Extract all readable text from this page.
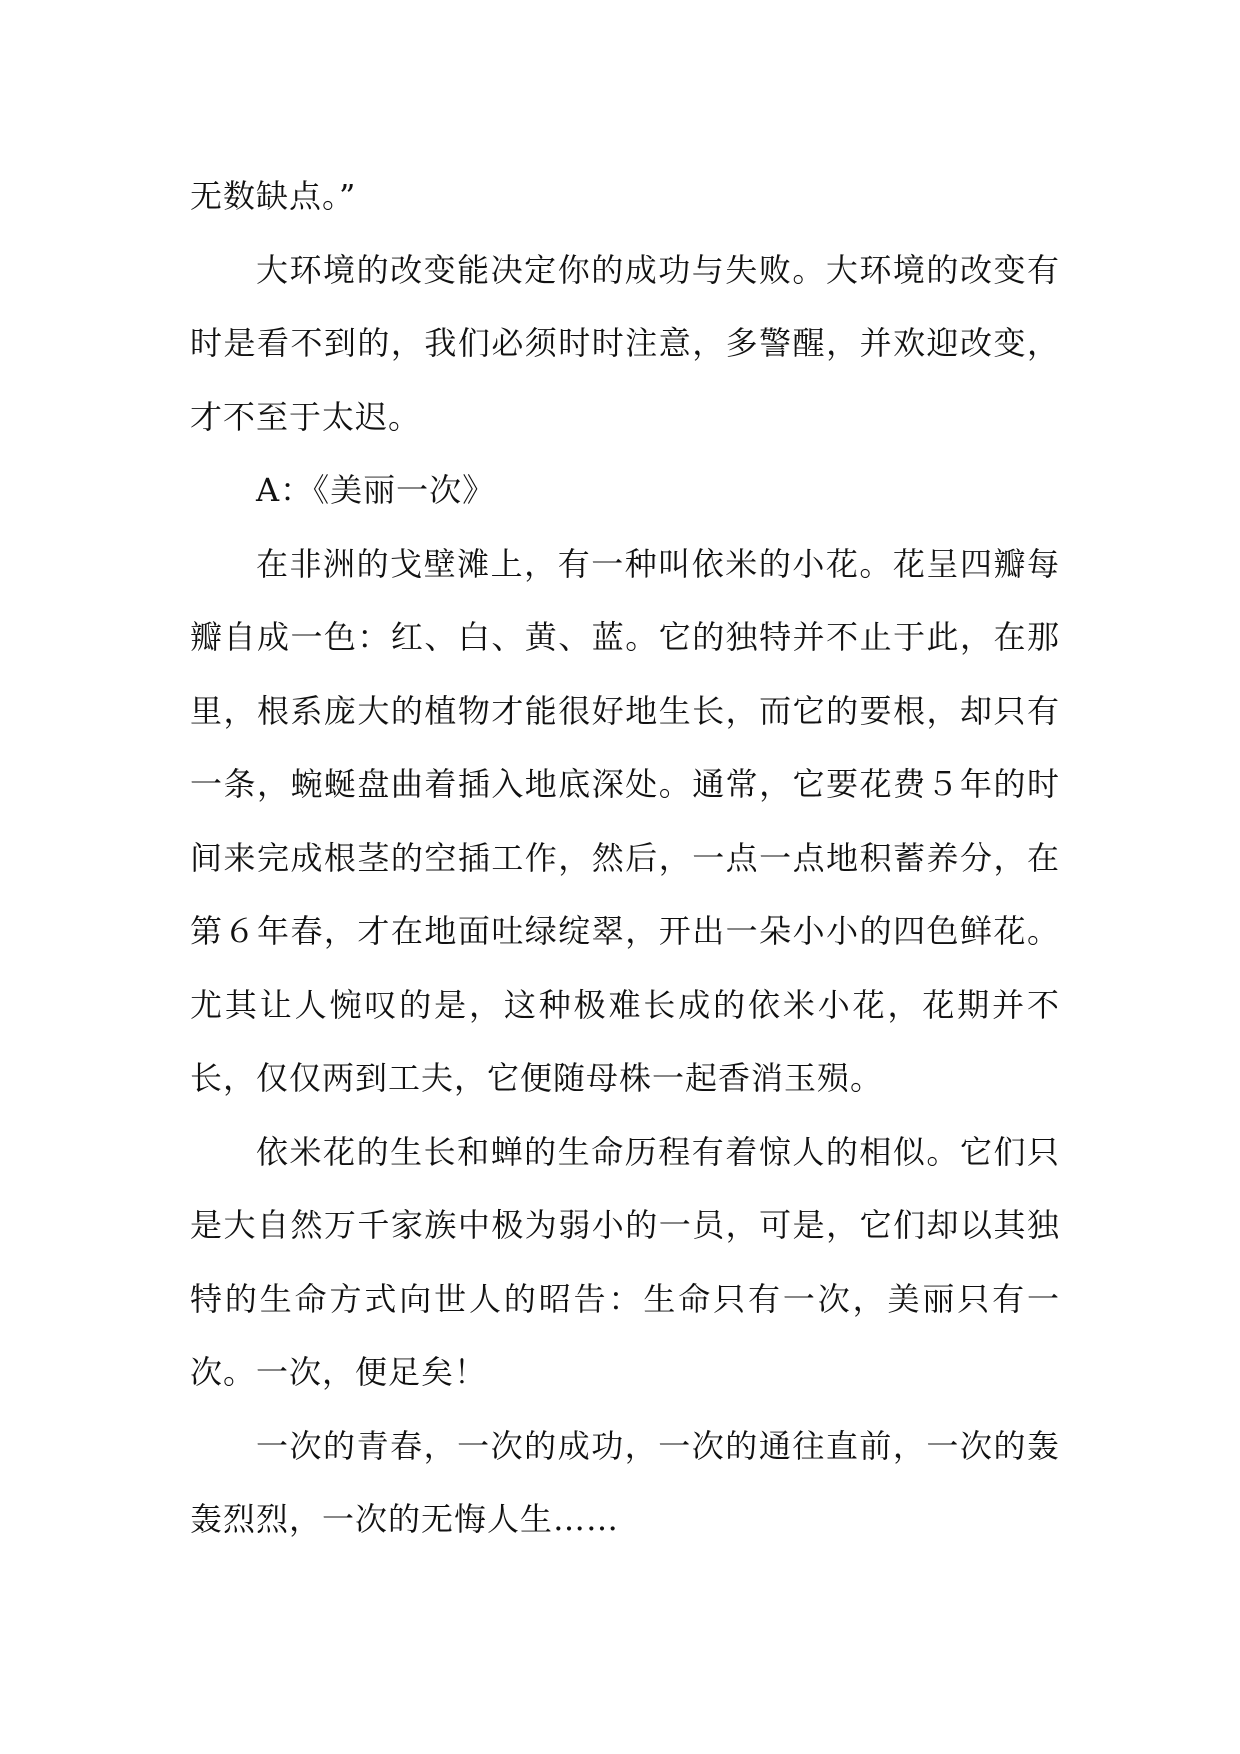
无数缺点。”

大环境的改变能决定你的成功与失败。大环境的改变有时是看不到的，我们必须时时注意，多警醒，并欢迎改变，才不至于太迟。

A：《美丽一次》

在非洲的戈壁滩上，有一种叫依米的小花。花呈四瓣每瓣自成一色：红、白、黄、蓝。它的独特并不止于此，在那里，根系庞大的植物才能很好地生长，而它的要根，却只有一条，蜿蜒盘曲着插入地底深处。通常，它要花费５年的时间来完成根茎的空插工作，然后，一点一点地积蓄养分，在第６年春，才在地面吐绿绽翠，开出一朵小小的四色鲜花。尤其让人惋叹的是，这种极难长成的依米小花，花期并不长，仅仅两到工夫，它便随母株一起香消玉殒。

依米花的生长和蝉的生命历程有着惊人的相似。它们只是大自然万千家族中极为弱小的一员，可是，它们却以其独特的生命方式向世人的昭告：生命只有一次，美丽只有一次。一次，便足矣！

一次的青春，一次的成功，一次的通往直前，一次的轰轰烈烈，一次的无悔人生……
